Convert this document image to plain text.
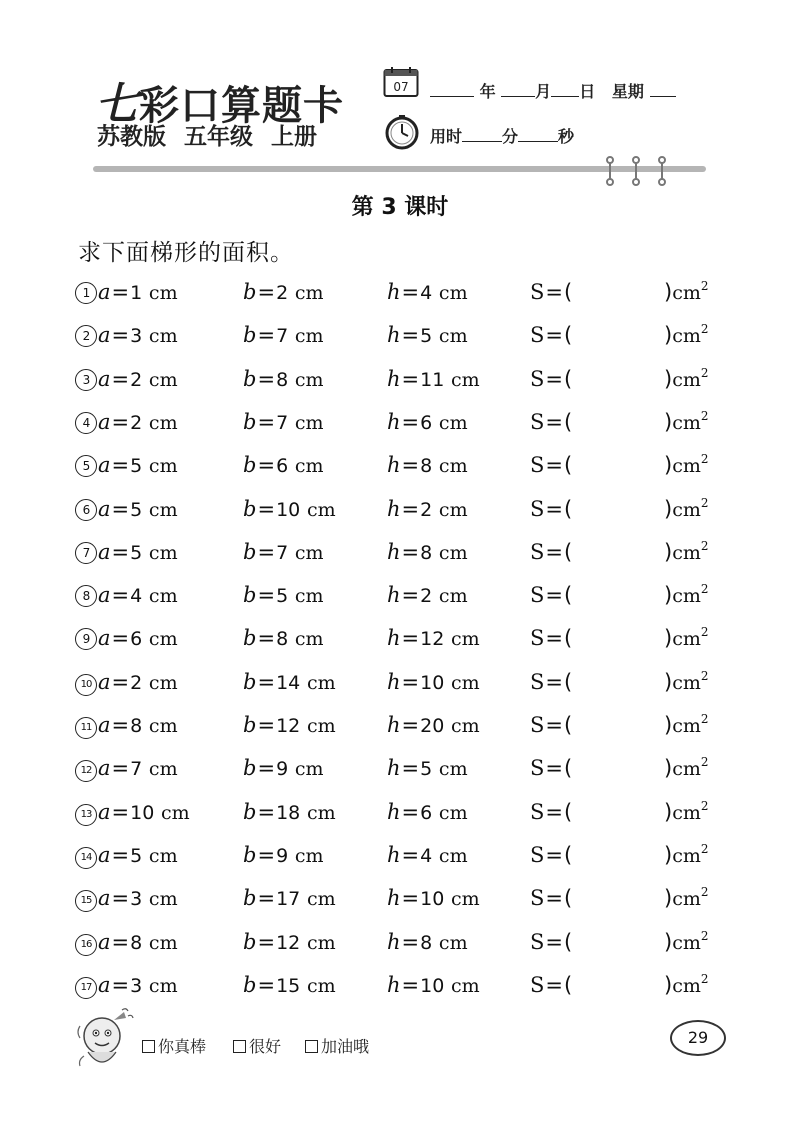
七彩口算题卡
苏教版 五年级 上册
07	年 月 日 星期
用时	分	秒
第 3 课时
求下面梯形的面积。
1 a=1 cm	b=2 cm	h=4 cm	S=(	)$cm^2$
2 a=3 cm	b=7 cm	h=5 cm	S=(	)$cm^2$
3 a=2 cm	b=8 cm	h=11 cm S=(	)$cm^2$
4 a=2 cm	b=7 cm	h=6 cm	S=(	)$cm^2$
5 a=5 cm	b=6 cm	h=8 cm	S=(	)$cm^2$
6 a=5 cm	b=10 cm h=2 cm	S=(	)$cm^2$
7 a=5 cm	b=7 cm	h=8 cm	S=(	)$cm^2$
8 a=4 cm	b=5 cm	h=2 cm	S=(	)$cm^2$
9 a=6 cm	b=8 cm	h=12 cm S=(	)$cm^2$
10 a=2 cm	b=14 cm h=10 cm S=(	)$cm^2$
11 a=8 cm	b=12 cm h=20 cm S=(	)$cm^2$
12 a=7 cm	b=9 cm	h=5 cm	S=(	)$cm^2$
13 a=10 cm	b=18 cm h=6 cm	S=(	)$cm^2$
14 a=5 cm	b=9 cm	h=4 cm	S=(	)$cm^2$
15 a=3 cm	b=17 cm h=10 cm S=(	)$cm^2$
16 a=8 cm	b=12 cm h=8 cm	S=(	)$cm^2$
17 a=3 cm	b=15 cm h=10 cm S=(	)$cm^2$
你真棒	很好	加油哦	29
